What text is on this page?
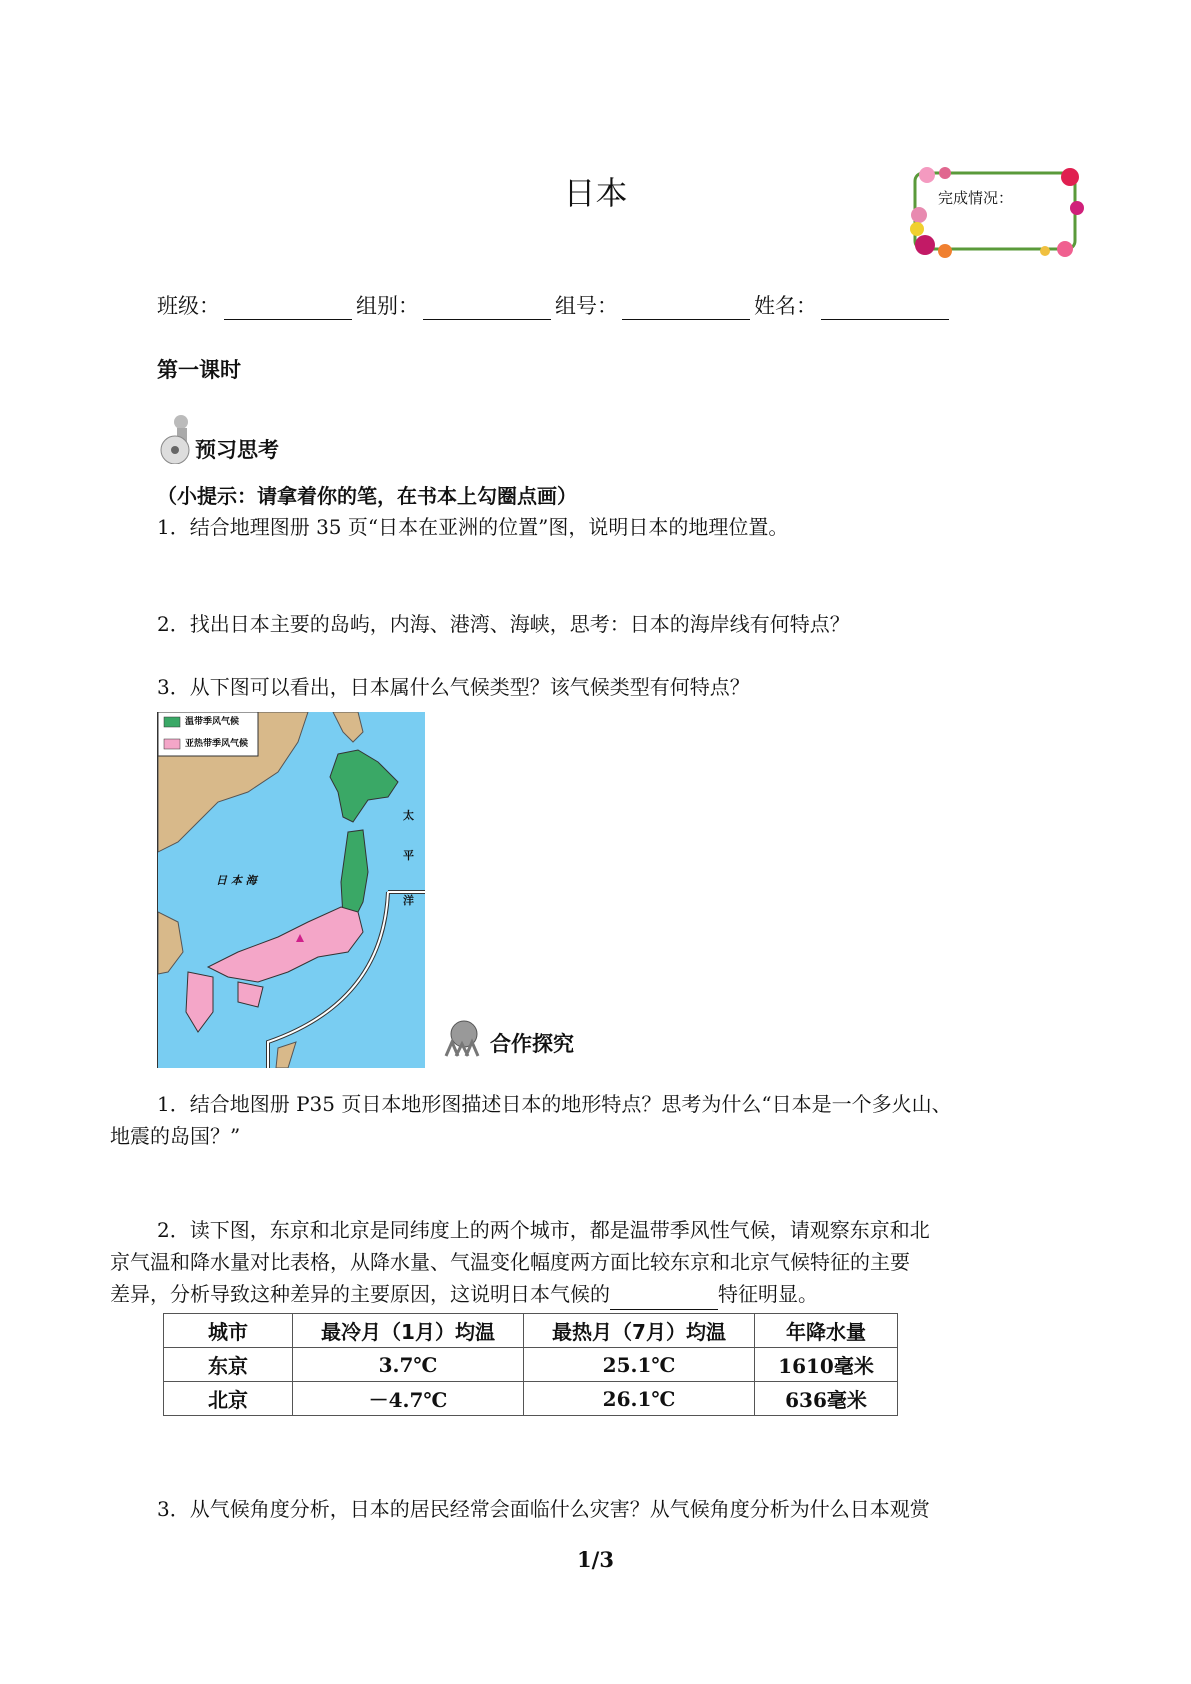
日本	完成情况：
班级：	组别：	组号：	姓名：
第一课时
预习思考
（小提示：请拿着你的笔，在书本上勾圈点画）
1．结合地理图册 35 页“日本在亚洲的位置”图，说明日本的地理位置。
2．找出日本主要的岛屿，内海、港湾、海峡，思考：日本的海岸线有何特点？
3．从下图可以看出，日本属什么气候类型？该气候类型有何特点？
温带季风气候
亚热带季风气候
日 本 海
太
平
洋
合作探究
1．结合地图册 P35 页日本地形图描述日本的地形特点？思考为什么“日本是一个多火山、
地震的岛国？”
2．读下图，东京和北京是同纬度上的两个城市，都是温带季风性气候，请观察东京和北
京气温和降水量对比表格，从降水量、气温变化幅度两方面比较东京和北京气候特征的主要
差异，分析导致这种差异的主要原因，这说明日本气候的	特征明显。
城市	最冷月（1月）均温	最热月（7月）均温	年降水量
东京	3.7℃	25.1℃	1610毫米
北京	－4.7℃	26.1℃	636毫米
3．从气候角度分析，日本的居民经常会面临什么灾害？从气候角度分析为什么日本观赏
1/3
